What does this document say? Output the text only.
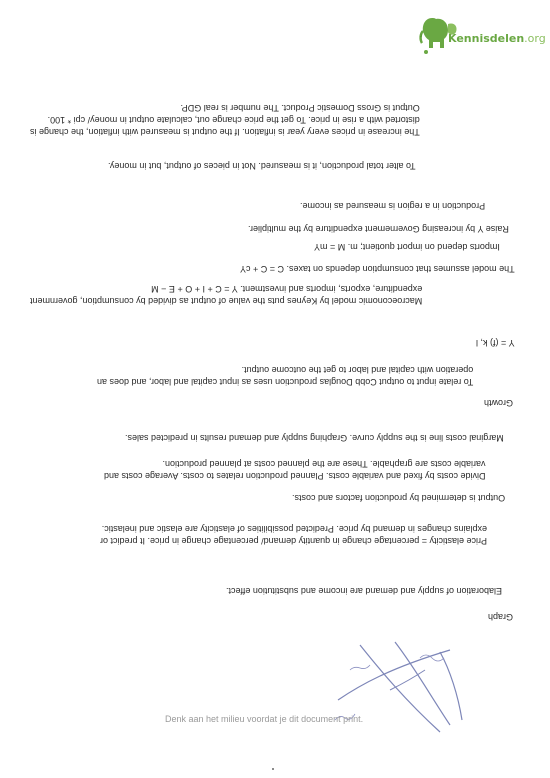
Kennisdelen.org
The increase in prices every year is inflation. If the output is measured with inflation, the change is
distorted with a rise in price. To get the price change out, calculate output in money/ cpi * 100.
Output is Gross Domestic Product. The number is real GDP.
To alter total production, it is measured. Not in pieces of output, but in money.
Production in a region is measured as income.
Raise Y by increasing Governement expenditure by the multiplier.
Imports depend on import quotient; m. M = mY
The model assumes that consumption depends on taxes. C = C + cY
Macroeconomic model by Keynes puts the value of output as divided by consumption, government
expenditure, exports, imports and investment. Y = C + I + O + E − M
Y = (f) k, l
To relate input to output Cobb Douglas production uses as input capital and labor, and does an
operation with capital and labor to get the outcome output.
Growth
Marginal costs line is the supply curve. Graphing supply and demand results in predicted sales.
Divide costs by fixed and variable costs. Planned production relates to costs. Average costs and
variable costs are graphable. These are the planned costs at planned production.
Output is determined by production factors and costs.
Price elasticity = percentage change in quantity demand/ percentage change in price. It predict or
explains changes in demand by price. Predicted possibilities of elasticity are elastic and inelastic.
Elaboration of supply and demand are income and substitution effect.
Graph
Denk aan het milieu voordat je dit document print.
